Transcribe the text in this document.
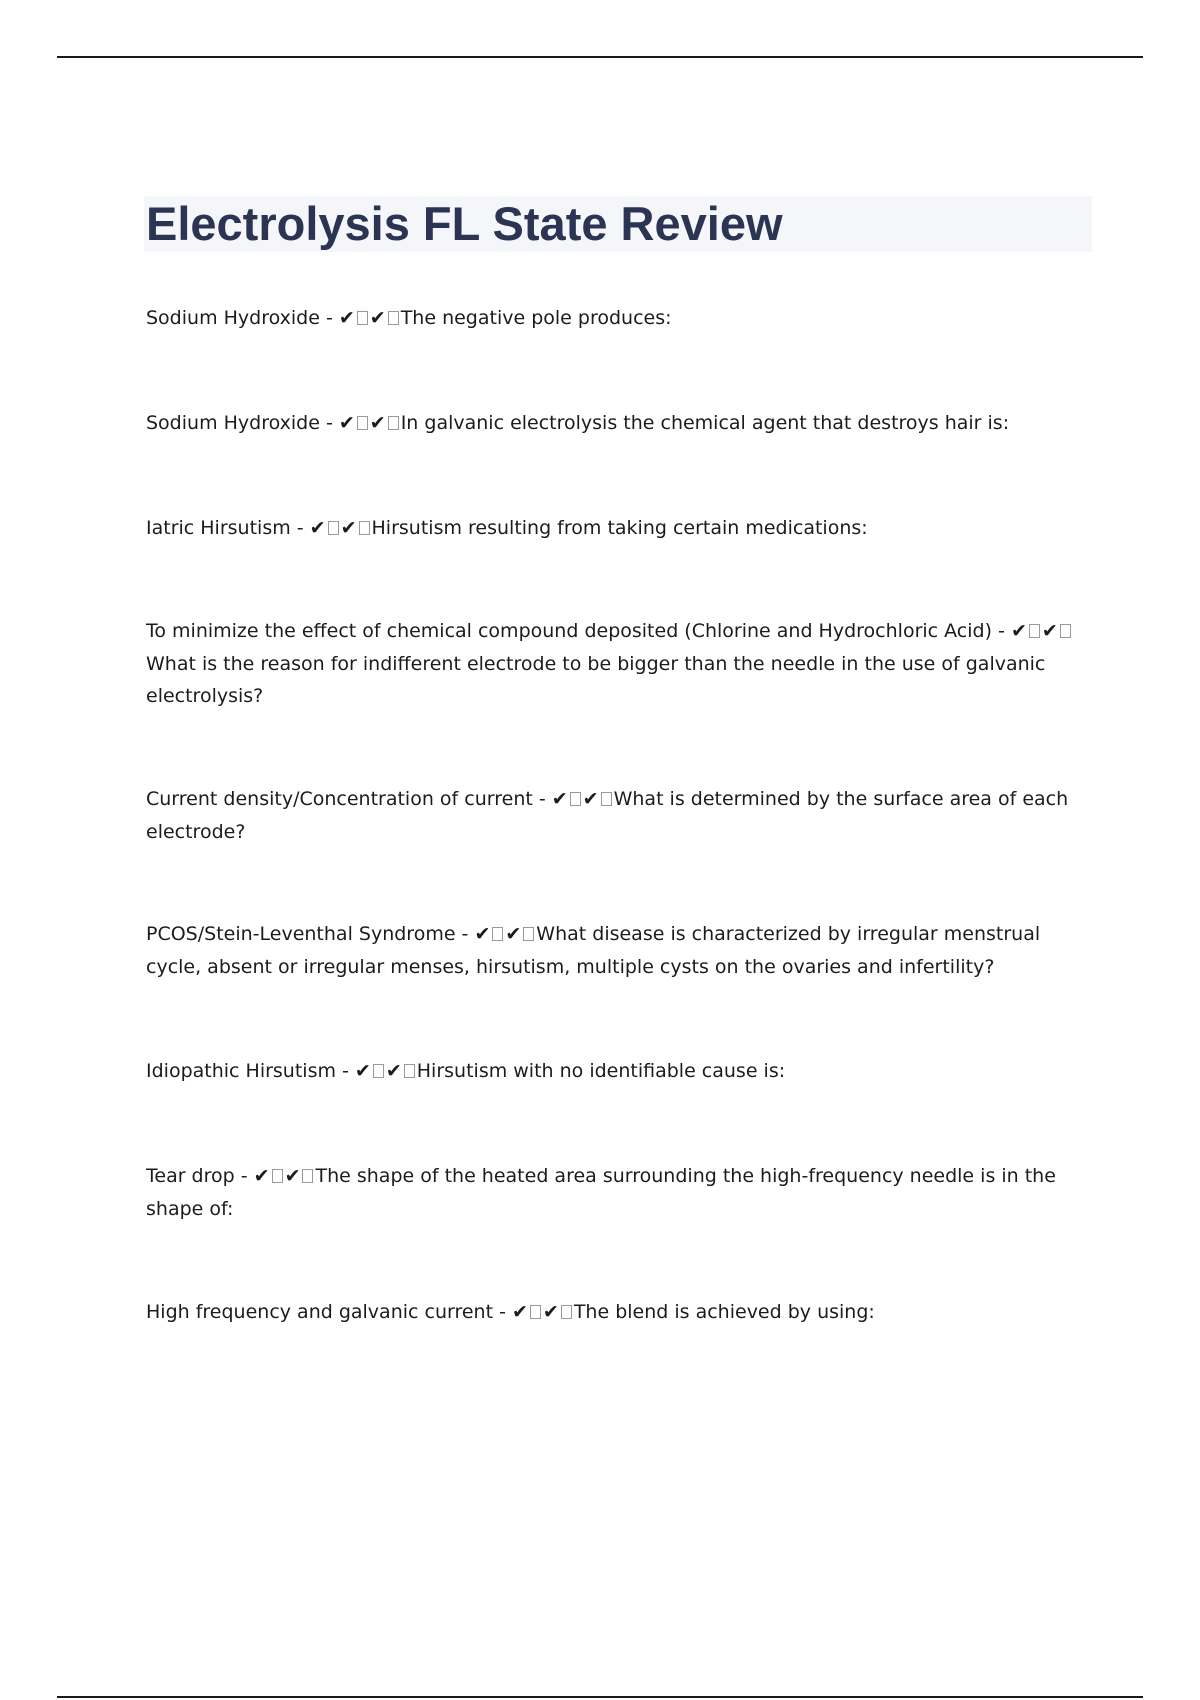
Electrolysis FL State Review

Sodium Hydroxide - ✔ ✔ The negative pole produces:

Sodium Hydroxide - ✔ ✔ In galvanic electrolysis the chemical agent that destroys hair is:

Iatric Hirsutism - ✔ ✔ Hirsutism resulting from taking certain medications:

To minimize the effect of chemical compound deposited (Chlorine and Hydrochloric Acid) - ✔ ✔What is the reason for indifferent electrode to be bigger than the needle in the use of galvanic electrolysis?

Current density/Concentration of current - ✔ ✔ What is determined by the surface area of each electrode?

PCOS/Stein-Leventhal Syndrome - ✔ ✔ What disease is characterized by irregular menstrual cycle, absent or irregular menses, hirsutism, multiple cysts on the ovaries and infertility?

Idiopathic Hirsutism - ✔ ✔ Hirsutism with no identifiable cause is:

Tear drop - ✔ ✔ The shape of the heated area surrounding the high-frequency needle is in the shape of:

High frequency and galvanic current - ✔ ✔ The blend is achieved by using:
